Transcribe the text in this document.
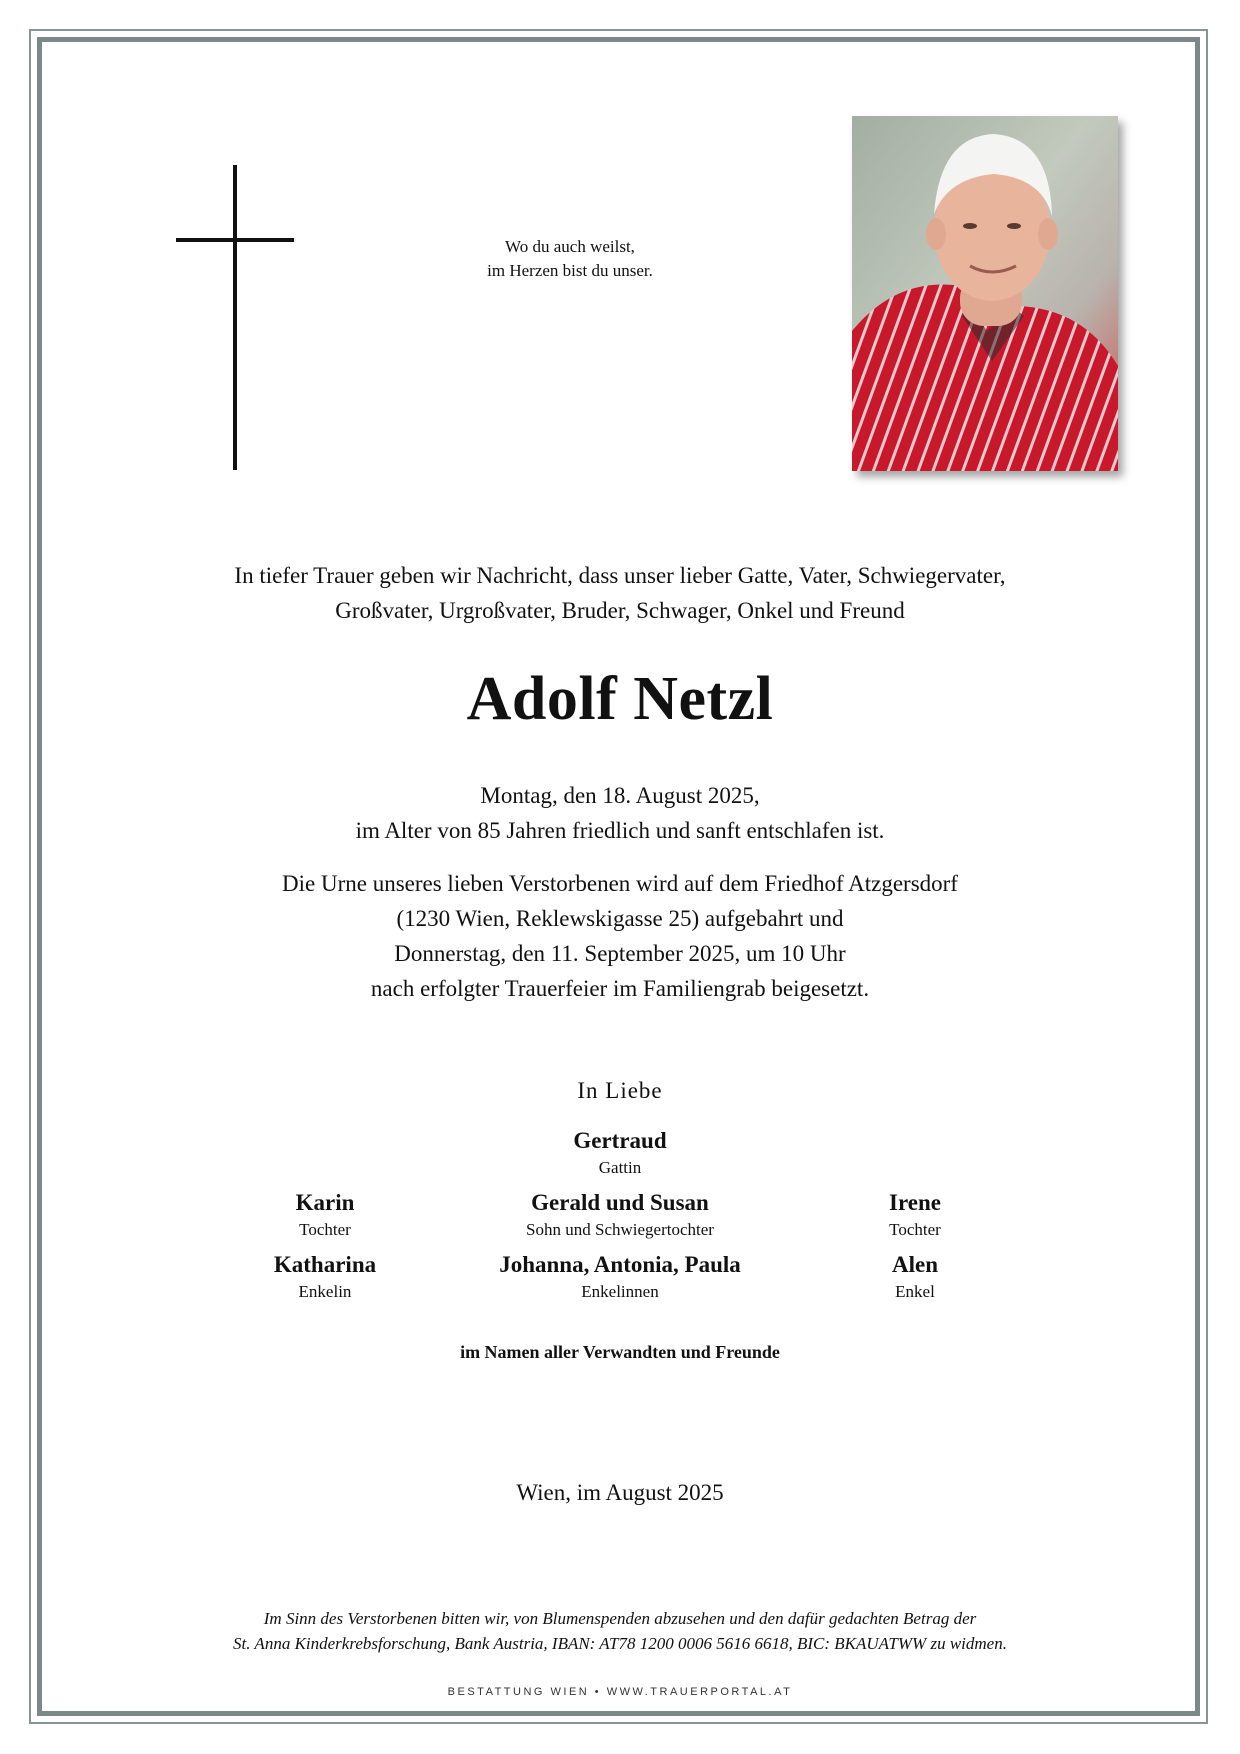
Wo du auch weilst,
im Herzen bist du unser.
In tiefer Trauer geben wir Nachricht, dass unser lieber Gatte, Vater, Schwiegervater,
Großvater, Urgroßvater, Bruder, Schwager, Onkel und Freund
Adolf Netzl
Montag, den 18. August 2025,
im Alter von 85 Jahren friedlich und sanft entschlafen ist.
Die Urne unseres lieben Verstorbenen wird auf dem Friedhof Atzgersdorf
(1230 Wien, Reklewskigasse 25) aufgebahrt und
Donnerstag, den 11. September 2025, um 10 Uhr
nach erfolgter Trauerfeier im Familiengrab beigesetzt.
In Liebe
Gertraud
Gattin
Karin
Tochter
Gerald und Susan
Sohn und Schwiegertochter
Irene
Tochter
Katharina
Enkelin
Johanna, Antonia, Paula
Enkelinnen
Alen
Enkel
im Namen aller Verwandten und Freunde
Wien, im August 2025
Im Sinn des Verstorbenen bitten wir, von Blumenspenden abzusehen und den dafür gedachten Betrag der
St. Anna Kinderkrebsforschung, Bank Austria, IBAN: AT78 1200 0006 5616 6618, BIC: BKAUATWW zu widmen.
BESTATTUNG WIEN • WWW.TRAUERPORTAL.AT
